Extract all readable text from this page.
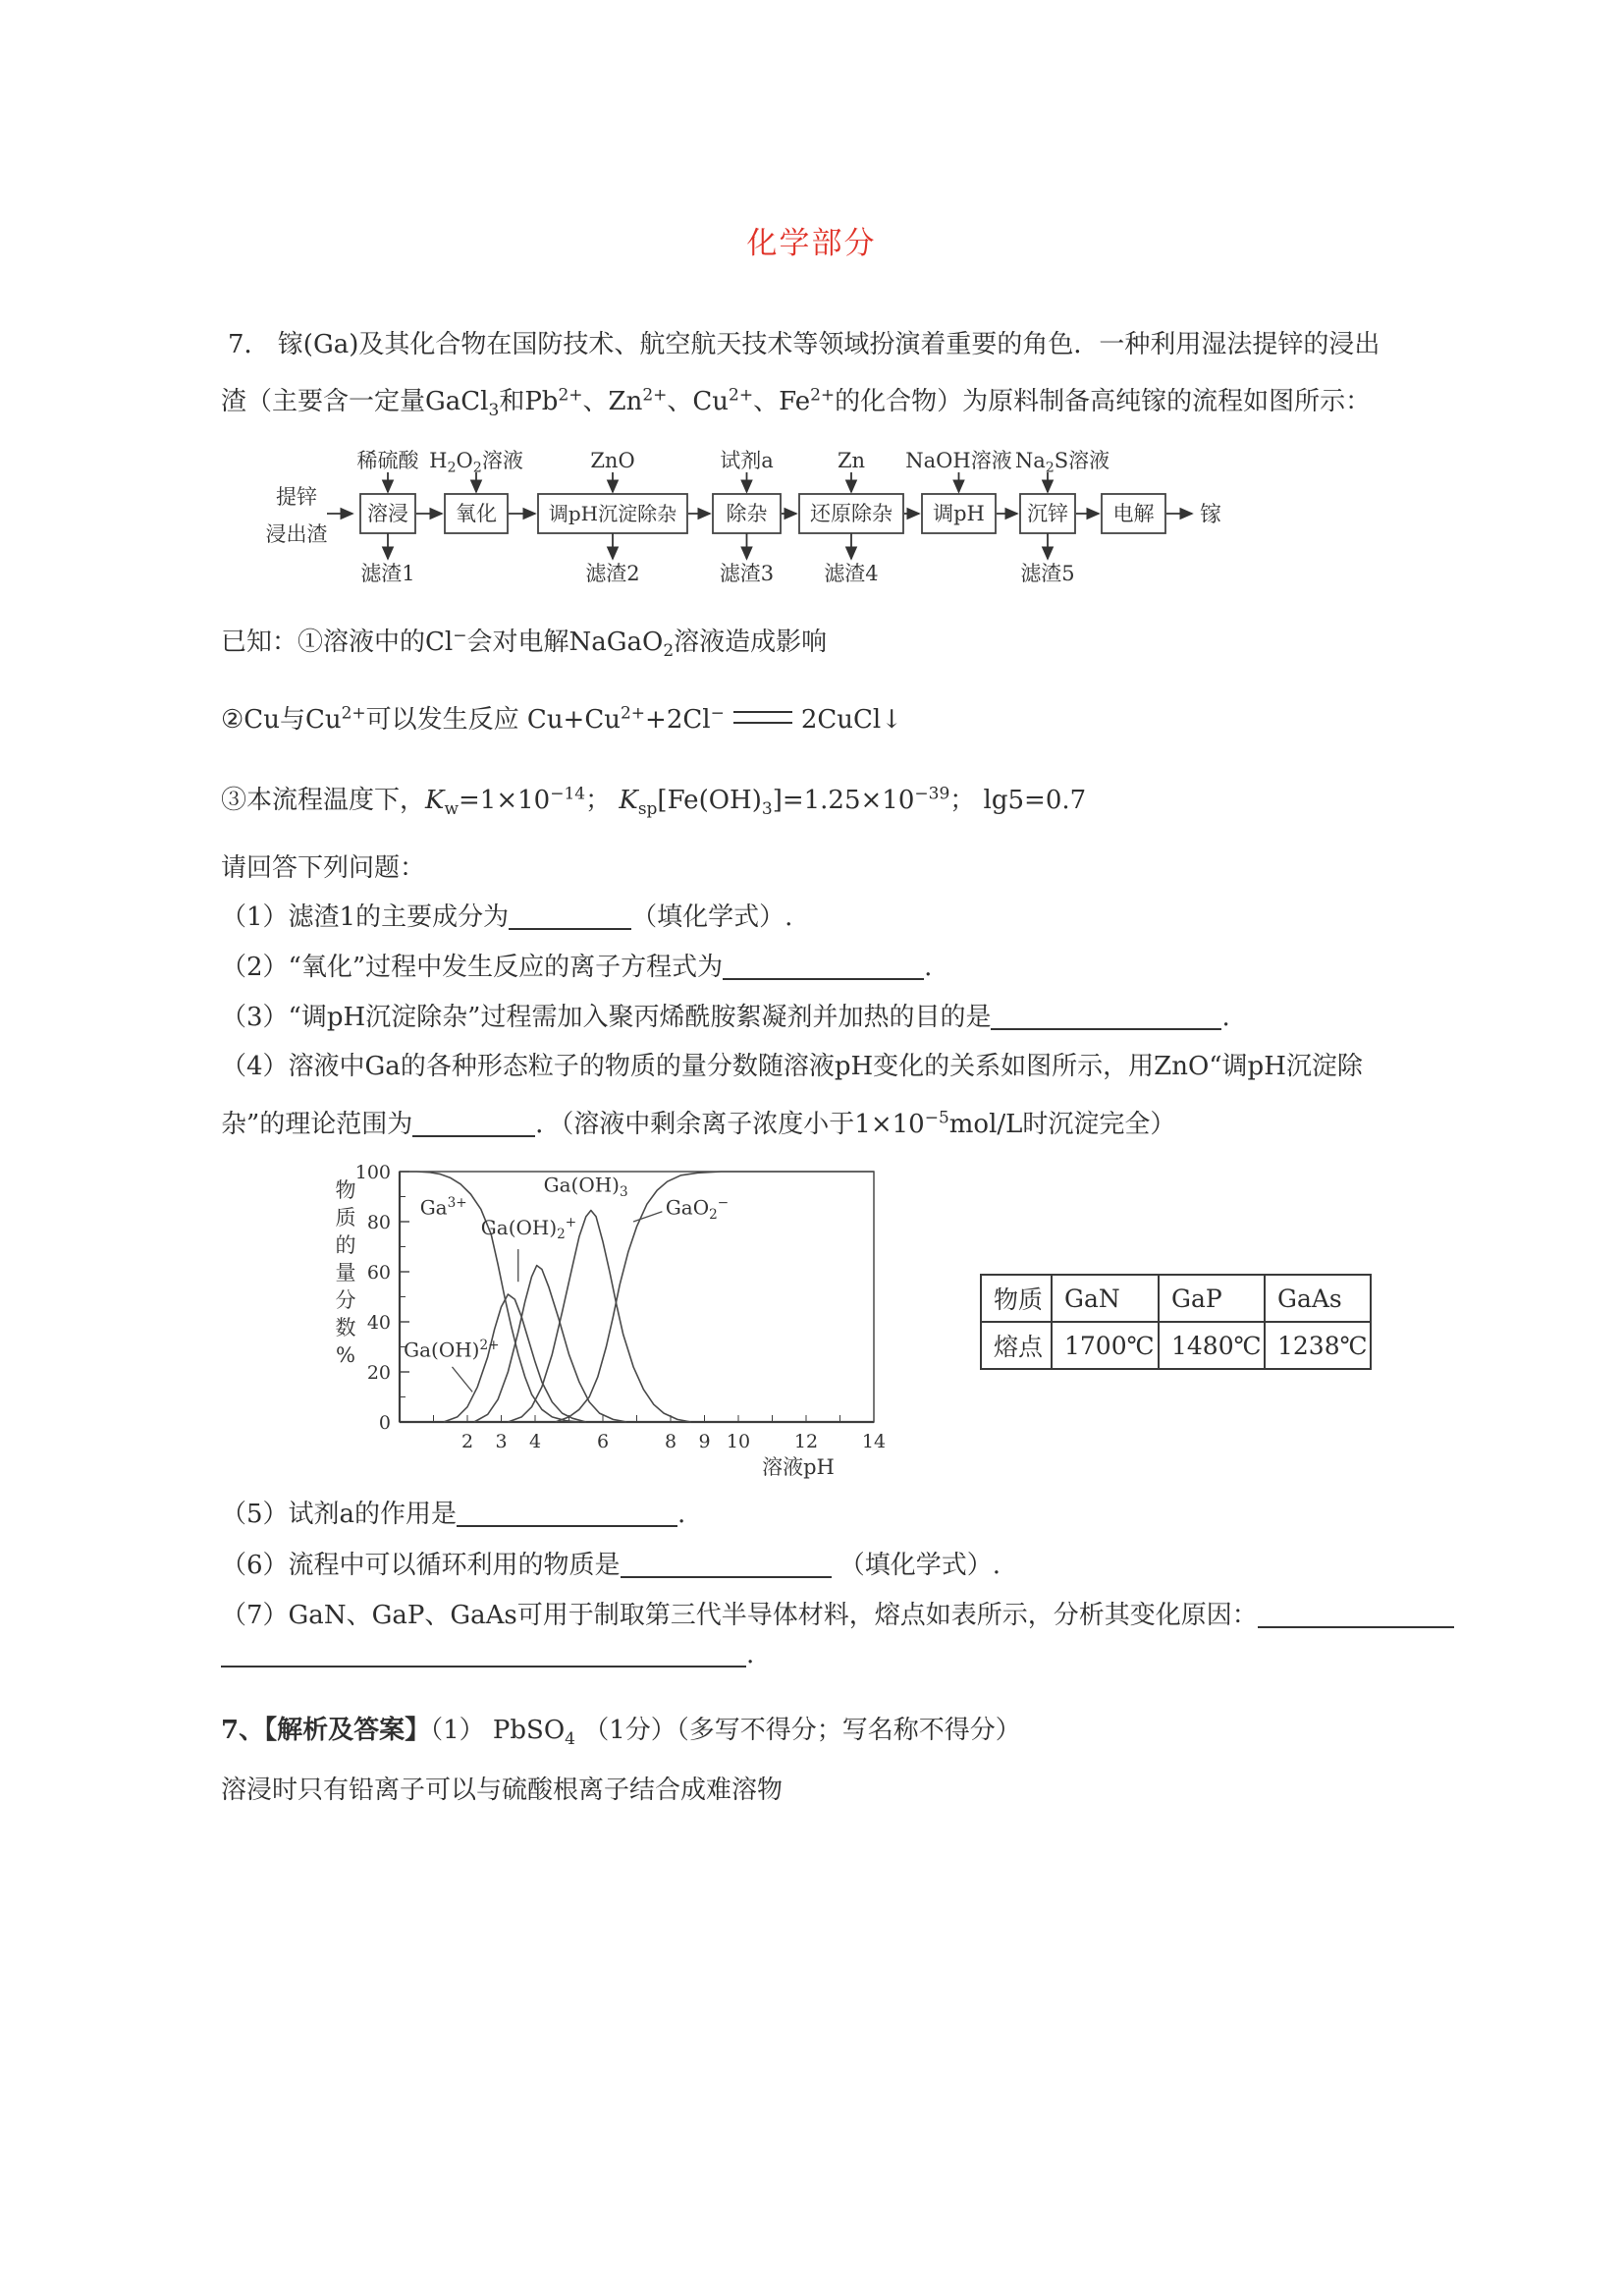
化学部分
7． 镓(Ga)及其化合物在国防技术、航空航天技术等领域扮演着重要的角色．一种利用湿法提锌的浸出
渣（主要含一定量GaCl$_3$和$Pb^{2+}$、$Zn^{2+}$、$Cu^{2+}$、$Fe^{2+}$的化合物）为原料制备高纯镓的流程如图所示：
提锌
浸出渣
溶浸
稀硫酸
滤渣1
氧化
$H_2O_2$溶液
调pH沉淀除杂
ZnO
滤渣2
除杂
试剂a
滤渣3
还原除杂
Zn
滤渣4
调pH
NaOH溶液
沉锌
$Na_2S$溶液
滤渣5
电解 镓
已知：①溶液中的Cl−会对电解NaGaO$_2$溶液造成影响
②Cu与$Cu^{2+}$可以发生反应 $Cu+Cu^{2+}+2Cl^-$	2CuCl↓
③本流程温度下，$K_w=1\times 10^{-14}$； $K_{sp}[Fe(OH)_3]=1.25\times 10^{-39}$； lg5=0.7
请回答下列问题：
（1）滤渣1的主要成分为	（填化学式）.
（2）“氧化”过程中发生反应的离子方程式为	.
（3）“调pH沉淀除杂”过程需加入聚丙烯酰胺絮凝剂并加热的目的是	.
（4）溶液中Ga的各种形态粒子的物质的量分数随溶液pH变化的关系如图所示，用ZnO“调pH沉淀除
杂”的理论范围为	．（溶液中剩余离子浓度小于$1\times 10^{-5}mol/L$时沉淀完全）
0
20
40
60
80
100
2 3 4	6	8 9 10 12 14
溶液pH
物
质
的
量
分
数
%
$Ga^{3+}$
$Ga(OH)_2^+$
$Ga(OH)_3$
GaO$_2$−
Ga(OH)$^{2+}$
物质	GaN	GaP	GaAs
熔点	1700℃	1480℃	1238℃
（5）试剂a的作用是	.
（6）流程中可以循环利用的物质是	（填化学式）.
（7）GaN、GaP、GaAs可用于制取第三代半导体材料，熔点如表所示，分析其变化原因：
.
7、【解析及答案】（1） PbSO$_4$ （1分）（多写不得分；写名称不得分）
溶浸时只有铅离子可以与硫酸根离子结合成难溶物
